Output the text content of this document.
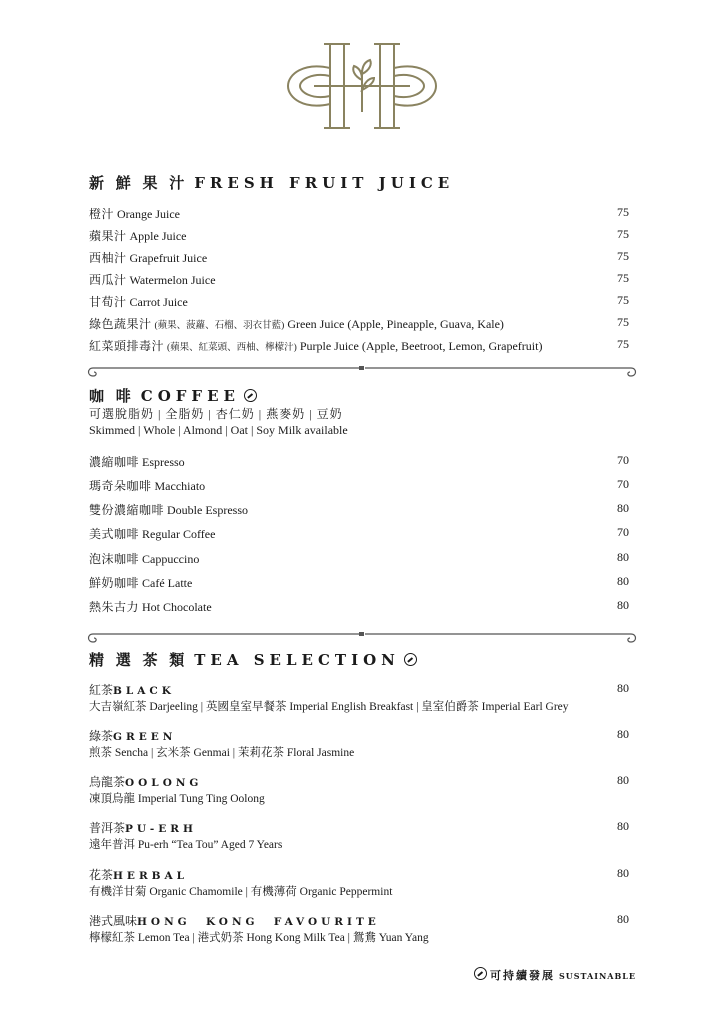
新 鮮 果 汁 FRESH FRUIT JUICE
橙汁 Orange Juice	75
蘋果汁 Apple Juice	75
西柚汁 Grapefruit Juice	75
西瓜汁 Watermelon Juice	75
甘荀汁 Carrot Juice	75
綠色蔬果汁 (蘋果、菠蘿、石榴、羽衣甘藍) Green Juice (Apple, Pineapple, Guava, Kale)	75
紅菜頭排毒汁 (蘋果、紅菜頭、西柚、檸檬汁) Purple Juice (Apple, Beetroot, Lemon, Grapefruit)	75
咖 啡 COFFEE
可選脫脂奶 | 全脂奶 | 杏仁奶 | 燕麥奶 | 豆奶
Skimmed | Whole | Almond | Oat | Soy Milk available
濃縮咖啡 Espresso	70
瑪奇朵咖啡 Macchiato	70
雙份濃縮咖啡 Double Espresso	80
美式咖啡 Regular Coffee	70
泡沫咖啡 Cappuccino	80
鮮奶咖啡 Café Latte	80
熱朱古力 Hot Chocolate	80
精 選 茶 類 TEA SELECTION
紅茶BLACK	80
大吉嶺紅茶 Darjeeling | 英國皇室早餐茶 Imperial English Breakfast | 皇室伯爵茶 Imperial Earl Grey
綠茶GREEN	80
煎茶 Sencha | 玄米茶 Genmai | 茉莉花茶 Floral Jasmine
烏龍茶OOLONG	80
凍頂烏龍 Imperial Tung Ting Oolong
普洱茶PU-ERH	80
遠年普洱 Pu-erh “Tea Tou” Aged 7 Years
花茶HERBAL	80
有機洋甘菊 Organic Chamomile | 有機薄荷 Organic Peppermint
港式風味HONG  KONG  FAVOURITE	80
檸檬紅茶 Lemon Tea | 港式奶茶 Hong Kong Milk Tea | 鴛鴦 Yuan Yang
可持續發展 SUSTAINABLE
